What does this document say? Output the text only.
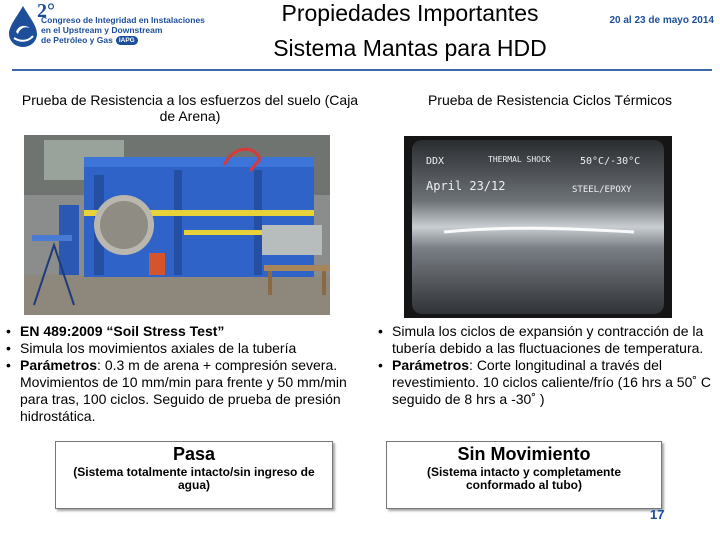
2°
Congreso de Integridad en Instalaciones
en el Upstream y Downstream
de Petróleo y Gas IAPG
Propiedades Importantes
Sistema Mantas para HDD
20 al 23 de mayo 2014
Prueba de Resistencia a los esfuerzos del suelo (Caja de Arena)
Prueba de Resistencia Ciclos Térmicos
DDX	THERMAL SHOCK	50°C/-30°C
April 23/12	STEEL/EPOXY
• EN 489:2009 “Soil Stress Test”
• Simula los movimientos axiales de la tubería
• Parámetros: 0.3 m de arena + compresión severa. Movimientos de 10 mm/min para frente y 50 mm/min para tras, 100 ciclos. Seguido de prueba de presión hidrostática.
• Simula los ciclos de expansión y contracción de la tubería debido a las fluctuaciones de temperatura.
• Parámetros: Corte longitudinal a través del revestimiento. 10 ciclos caliente/frío (16 hrs a 50˚ C seguido de 8 hrs a -30˚ )
Pasa
(Sistema totalmente intacto/sin ingreso de agua)
Sin Movimiento
(Sistema intacto y completamente conformado al tubo)
17
